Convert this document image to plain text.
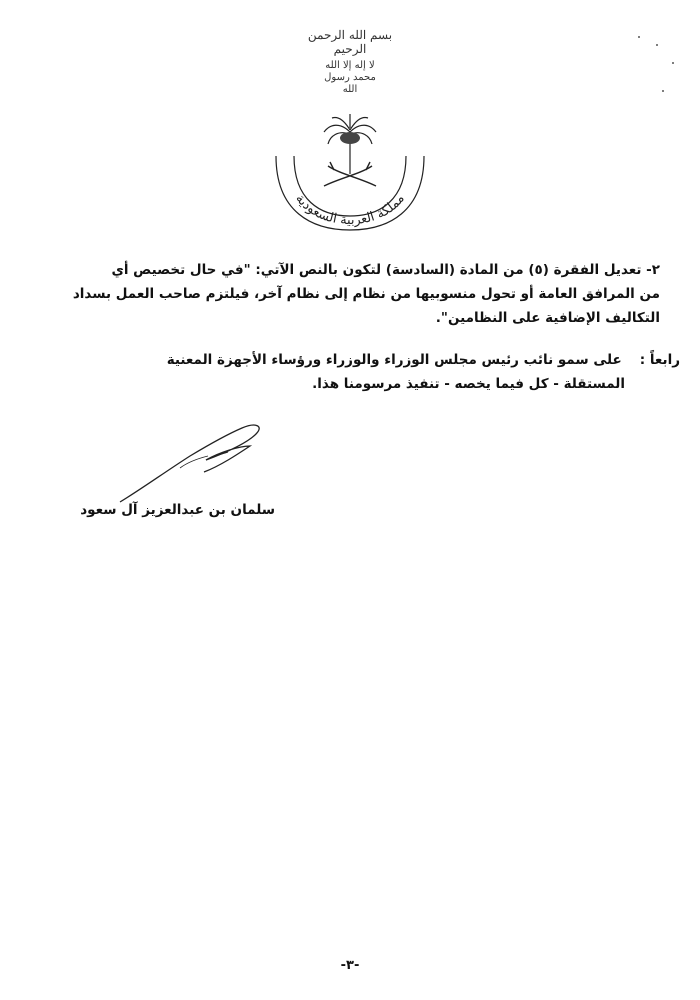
بسم الله الرحمن الرحيم
لا إله إلا الله محمد رسول الله
مملكة العربية السعودية
٢- تعديل الفقرة (٥) من المادة (السادسة) لتكون بالنص الآتي: "في حال تخصيص أي
من المرافق العامة أو تحول منسوبيها من نظام إلى نظام آخر، فيلتزم صاحب العمل بسداد
التكاليف الإضافية على النظامين".
رابعاً :على سمو نائب رئيس مجلس الوزراء والوزراء ورؤساء الأجهزة المعنية
المستقلة - كل فيما يخصه - تنفيذ مرسومنا هذا.
سلمان بن عبدالعزيز آل سعود
-٣-
